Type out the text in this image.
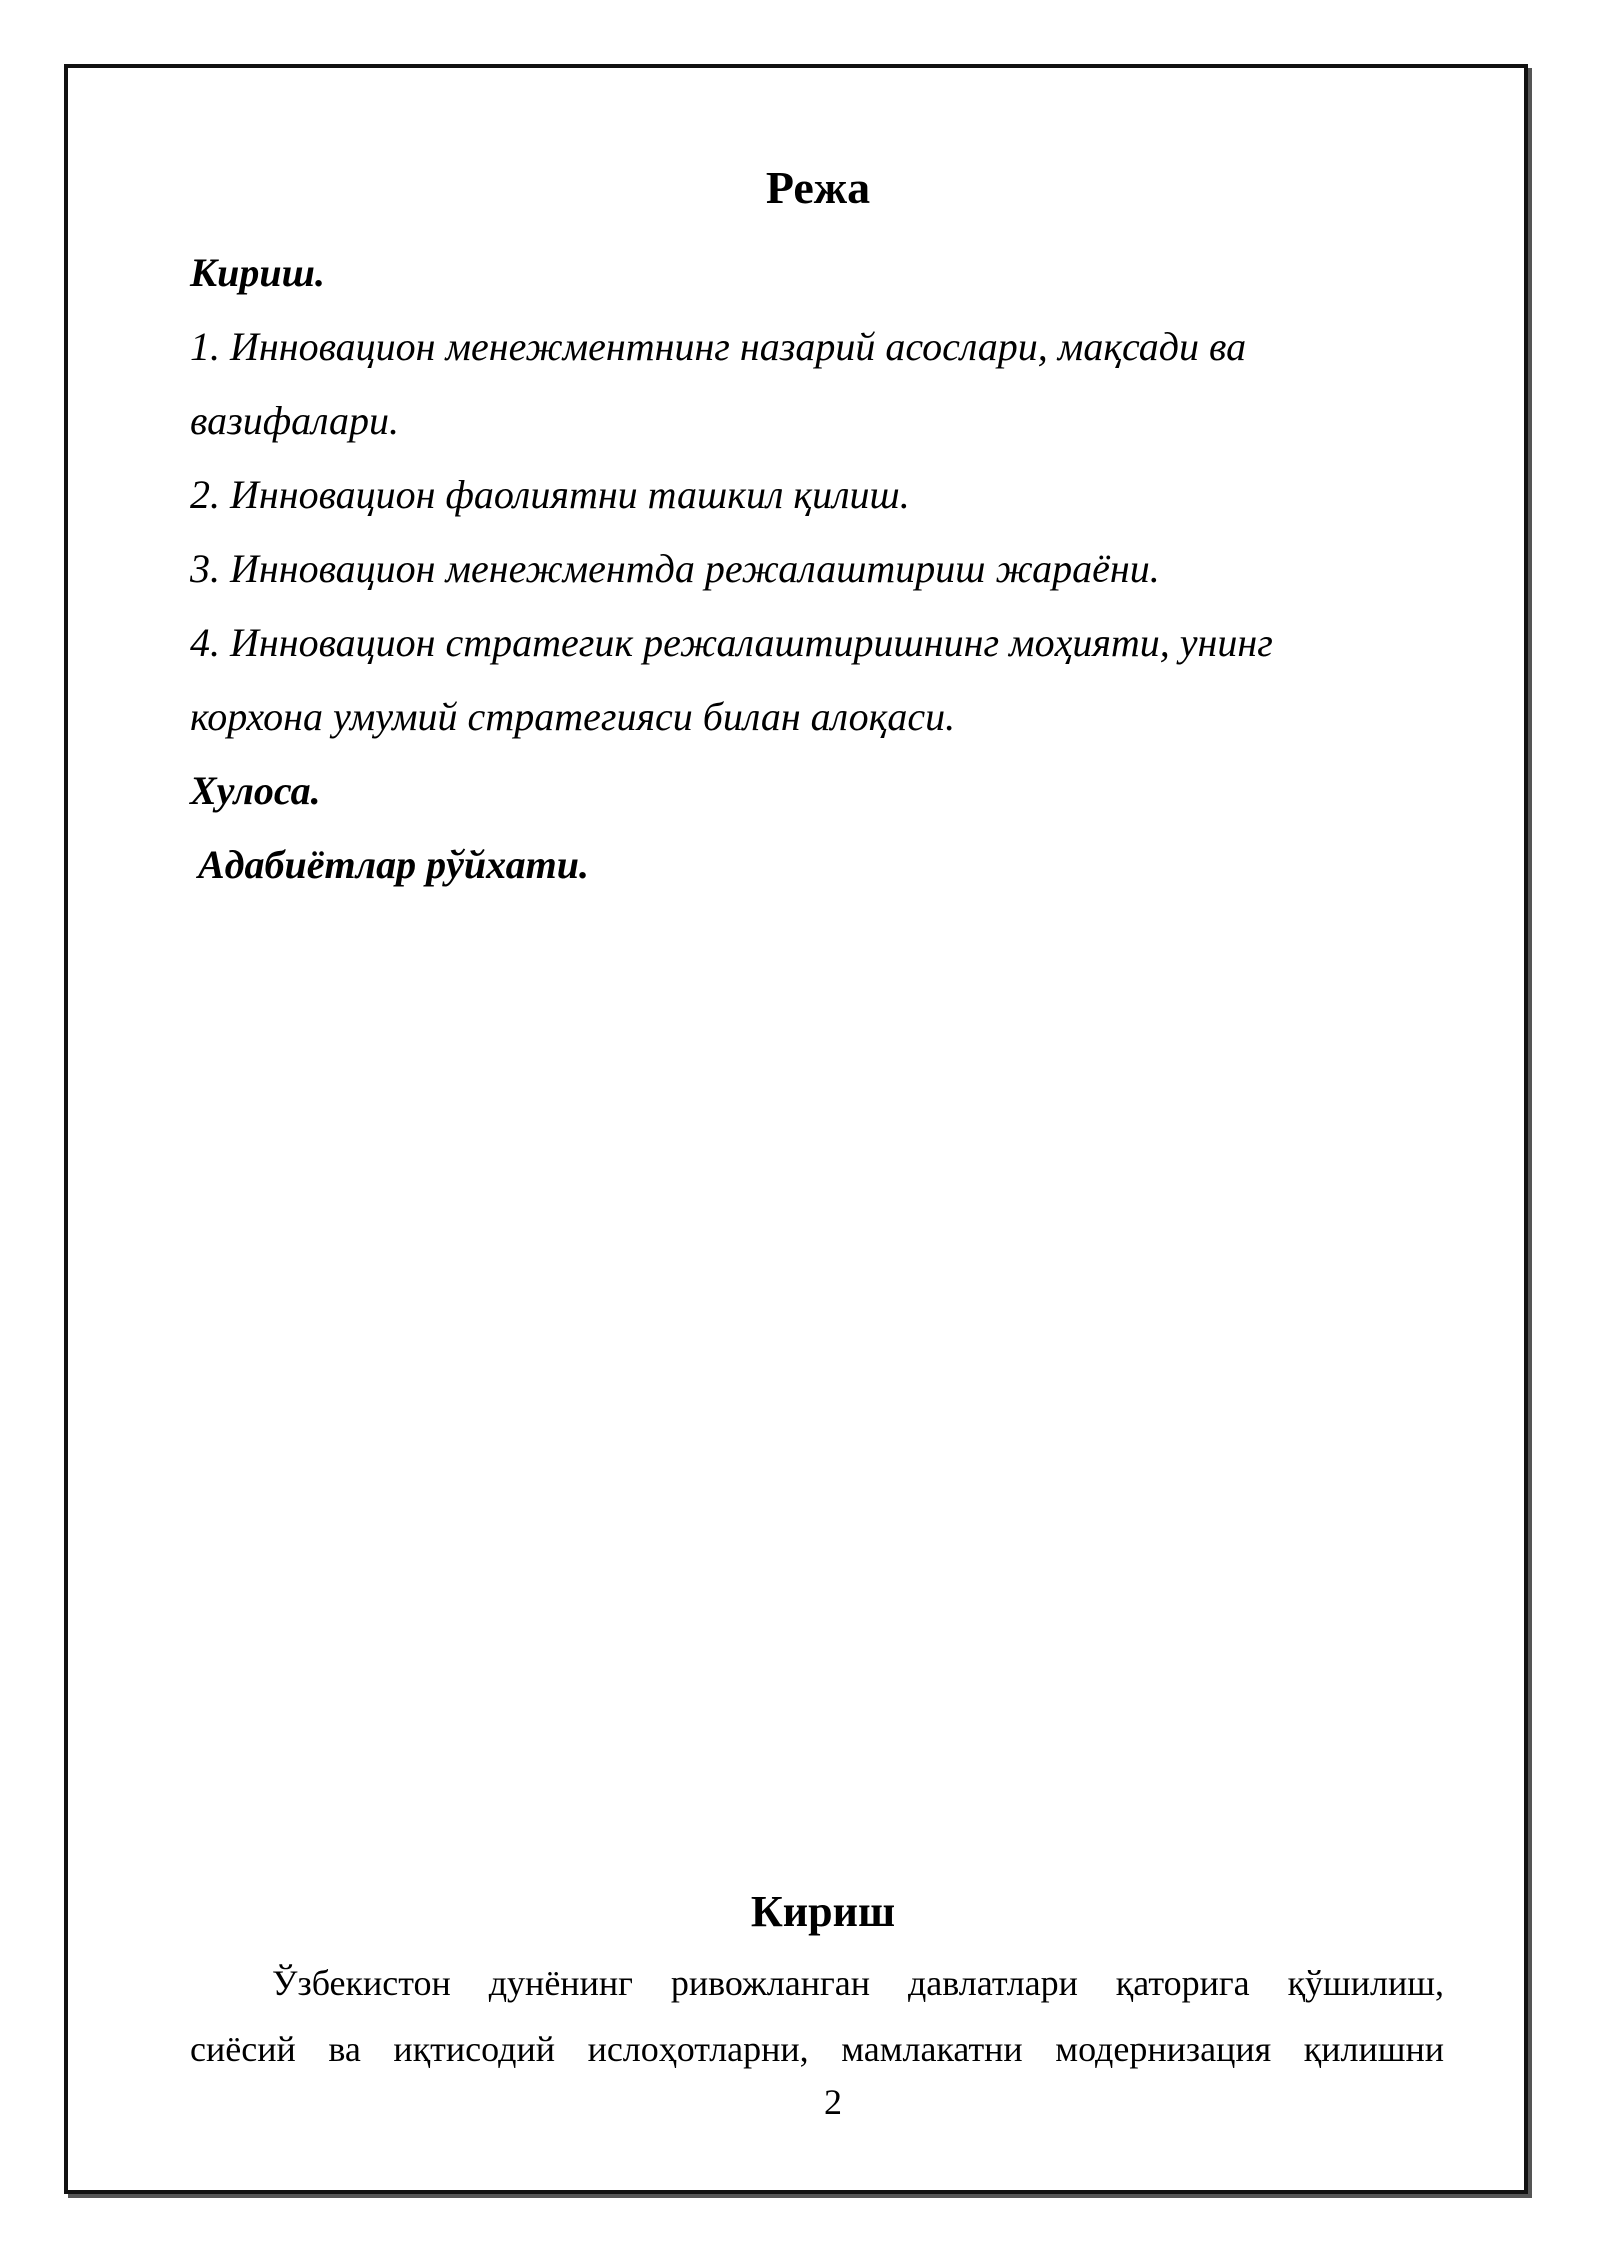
Режа
Кириш.
1. Инновацион менежментнинг назарий асослари, мақсади ва
вазифалари.
2. Инновацион фаолиятни ташкил қилиш.
3. Инновацион менежментда режалаштириш жараёни.
4. Инновацион стратегик режалаштиришнинг моҳияти, унинг
корхона умумий стратегияси билан алоқаси.
Хулоса.
Адабиётлар рўйхати.
Кириш
Ўзбекистон дунёнинг ривожланган давлатлари қаторига қўшилиш,
сиёсий ва иқтисодий ислоҳотларни, мамлакатни модернизация қилишни
2
